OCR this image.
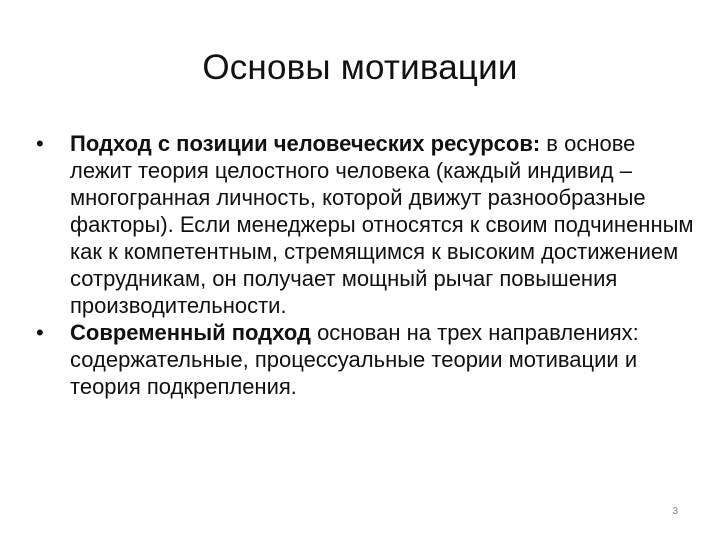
Основы мотивации
•	Подход с позиции человеческих ресурсов: в основе лежит теория целостного человека (каждый индивид – многогранная личность, которой движут разнообразные факторы). Если менеджеры относятся к своим подчиненным как к компетентным, стремящимся к высоким достижением сотрудникам, он получает мощный рычаг повышения производительности.
•	Современный подход основан на трех направлениях: содержательные, процессуальные теории мотивации и теория подкрепления.
3
